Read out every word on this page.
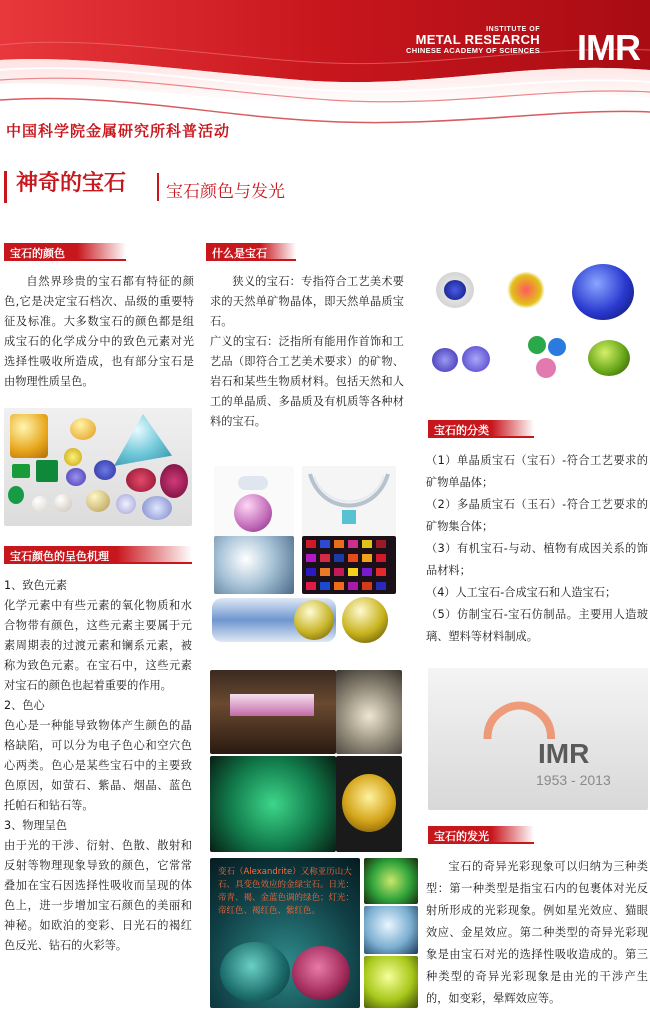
INSTITUTE OF
METAL RESEARCH
CHINESE ACADEMY OF SCIENCES IMR
中国科学院金属研究所科普活动
神奇的宝石 宝石颜色与发光
宝石的颜色

自然界珍贵的宝石都有特征的颜色,它是决定宝石档次、品级的重要特征及标准。大多数宝石的颜色都是组成宝石的化学成分中的致色元素对光选择性吸收所造成，也有部分宝石是由物理性质呈色。

宝石颜色的呈色机理

1、致色元素

化学元素中有些元素的氧化物质和水合物带有颜色，这些元素主要属于元素周期表的过渡元素和镧系元素，被称为致色元素。在宝石中，这些元素对宝石的颜色也起着重要的作用。

2、色心

色心是一种能导致物体产生颜色的晶格缺陷，可以分为电子色心和空穴色心两类。色心是某些宝石中的主要致色原因，如萤石、紫晶、烟晶、蓝色托帕石和钻石等。

3、物理呈色

由于光的干涉、衍射、色散、散射和反射等物理现象导致的颜色，它常常叠加在宝石因选择性吸收而呈现的体色上，进一步增加宝石颜色的美丽和神秘。如欧泊的变彩、日光石的褐红色反光、钻石的火彩等。

什么是宝石

狭义的宝石：专指符合工艺美术要求的天然单矿物晶体，即天然单晶质宝石。

广义的宝石：泛指所有能用作首饰和工艺品（即符合工艺美术要求）的矿物、岩石和某些生物质材料。包括天然和人工的单晶质、多晶质及有机质等各种材料的宝石。

变石（Alexandrite）又称亚历山大石、具变色效应的金绿宝石。日光：帝青、褐、金蓝色调的绿色；灯光：帝红色、褐红色、紫红色。
宝石的分类

（1）单晶质宝石（宝石）-符合工艺要求的矿物单晶体；

（2）多晶质宝石（玉石）-符合工艺要求的矿物集合体；

（3）有机宝石-与动、植物有成因关系的饰品材料；

（4）人工宝石-合成宝石和人造宝石；

（5）仿制宝石-宝石仿制品。主要用人造玻璃、塑料等材料制成。

◠
IMR
1953 - 2013
宝石的发光

宝石的奇异光彩现象可以归纳为三种类型：第一种类型是指宝石内的包裹体对光反射所形成的光彩现象。例如星光效应、猫眼效应、金星效应。第二种类型的奇异光彩现象是由宝石对光的选择性吸收造成的。第三种类型的奇异光彩现象是由光的干涉产生的，如变彩，晕辉效应等。
